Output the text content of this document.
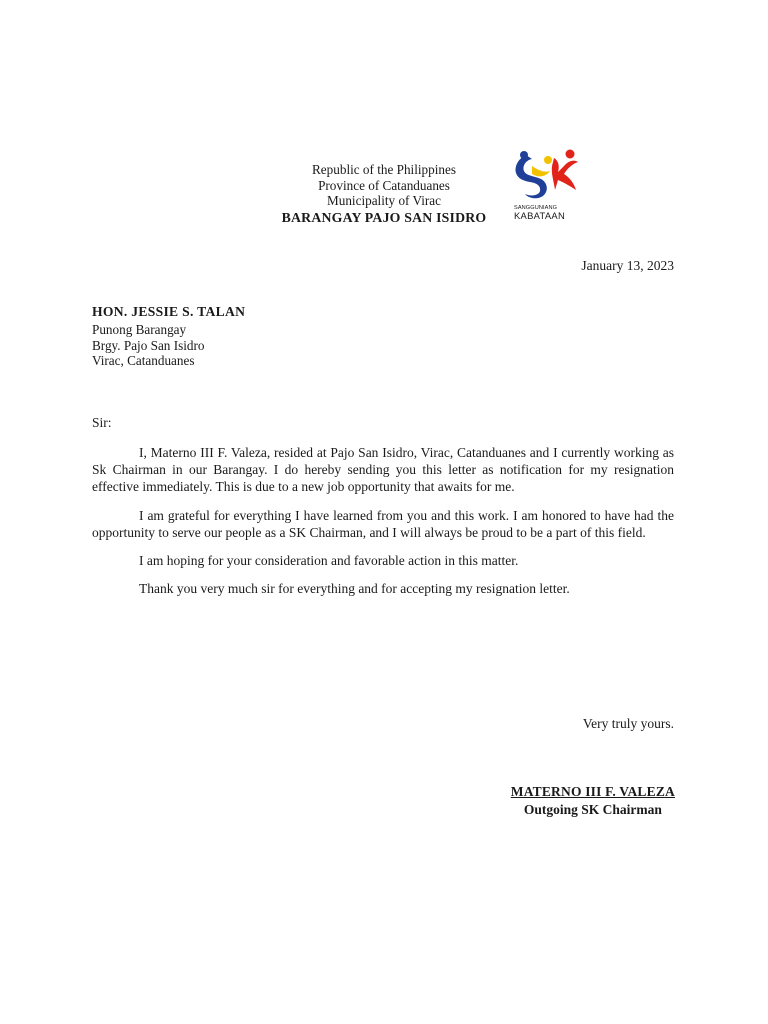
Republic of the Philippines
Province of Catanduanes
Municipality of Virac
BARANGAY PAJO SAN ISIDRO
SANGGUNIANG
KABATAAN
January 13, 2023
HON. JESSIE S. TALAN
Punong Barangay
Brgy. Pajo San Isidro
Virac, Catanduanes
Sir:

I, Materno III F. Valeza, resided at Pajo San Isidro, Virac, Catanduanes and I currently working as Sk Chairman in our Barangay. I do hereby sending you this letter as notification for my resignation effective immediately. This is due to a new job opportunity that awaits for me.

I am grateful for everything I have learned from you and this work. I am honored to have had the opportunity to serve our people as a SK Chairman, and I will always be proud to be a part of this field.

I am hoping for your consideration and favorable action in this matter.

Thank you very much sir for everything and for accepting my resignation letter.

Very truly yours.
MATERNO III F. VALEZA
Outgoing SK Chairman
